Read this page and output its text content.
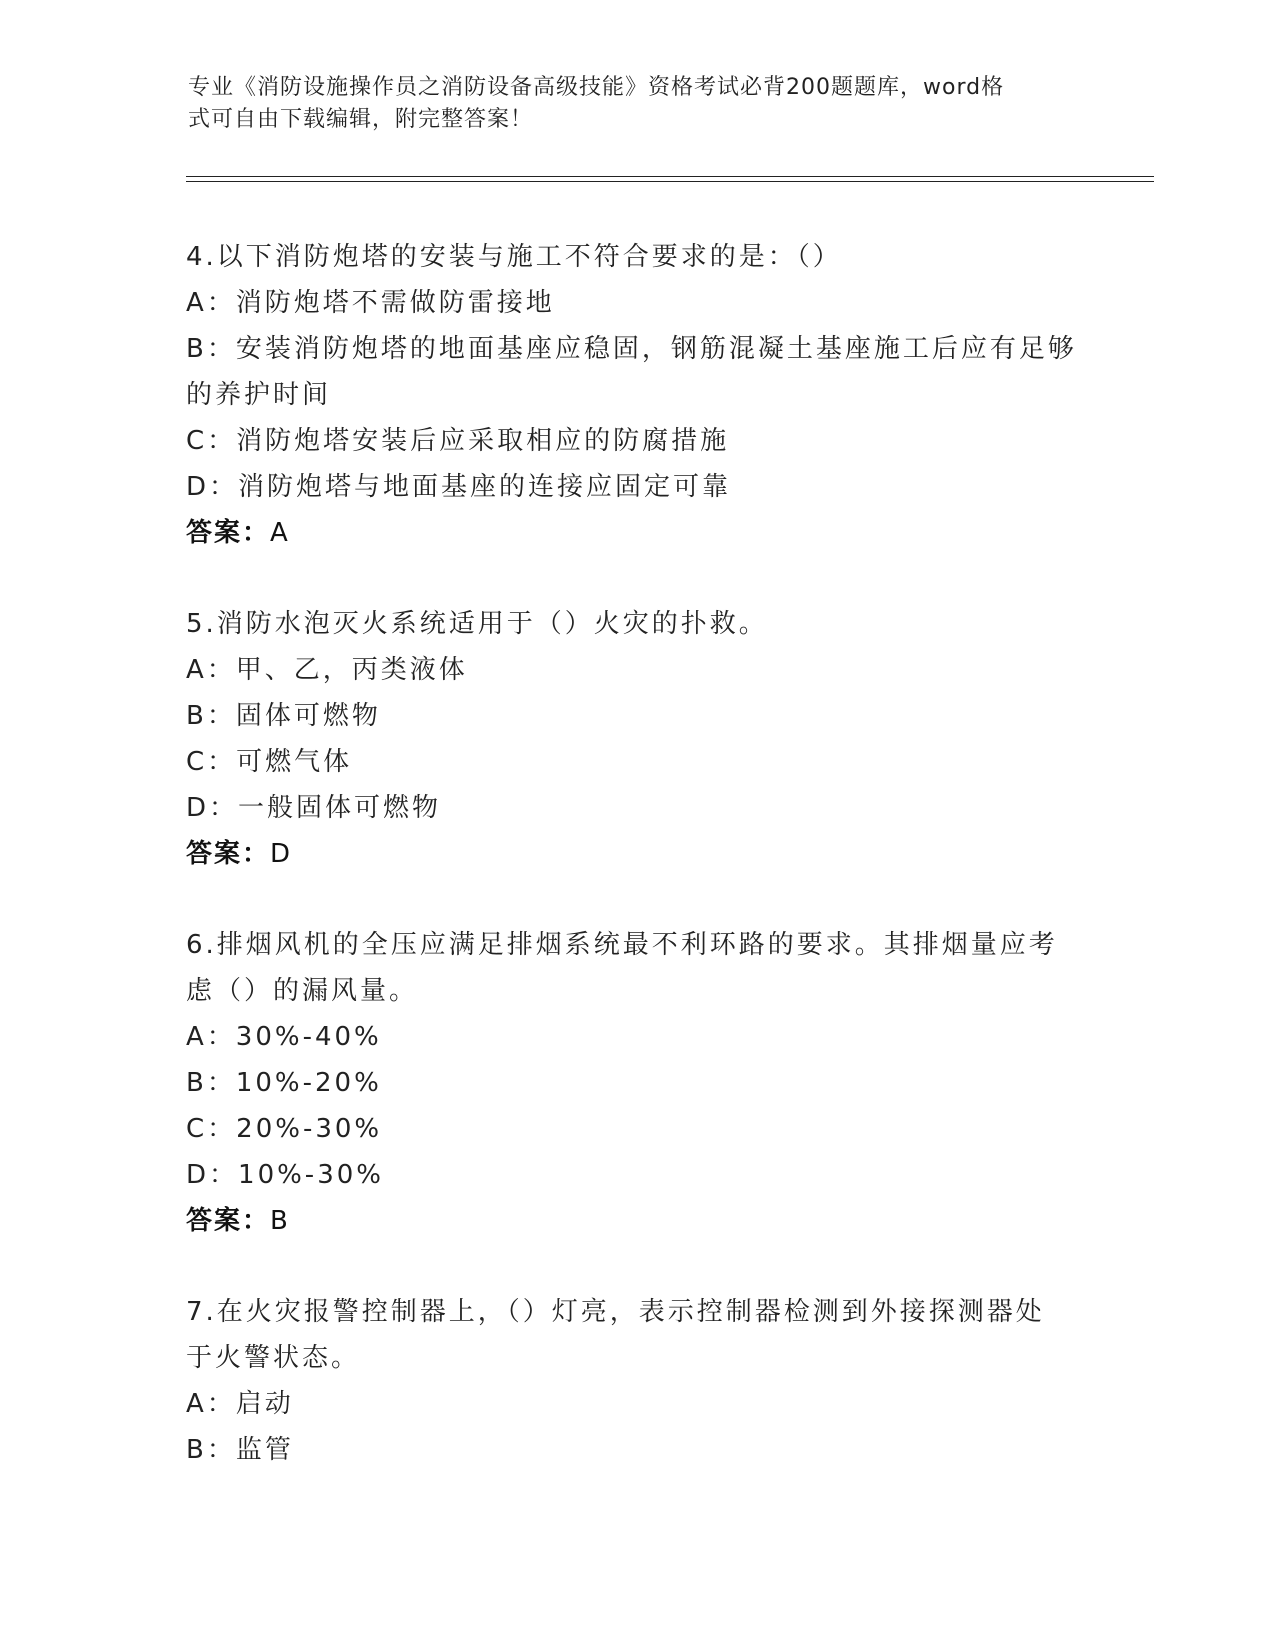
专业《消防设施操作员之消防设备高级技能》资格考试必背200题题库，word格
式可自由下载编辑，附完整答案！
4.以下消防炮塔的安装与施工不符合要求的是：（）
A：消防炮塔不需做防雷接地
B：安装消防炮塔的地面基座应稳固，钢筋混凝土基座施工后应有足够
的养护时间
C：消防炮塔安装后应采取相应的防腐措施
D：消防炮塔与地面基座的连接应固定可靠
答案：A
5.消防水泡灭火系统适用于（）火灾的扑救。
A：甲、乙，丙类液体
B：固体可燃物
C：可燃气体
D：一般固体可燃物
答案：D
6.排烟风机的全压应满足排烟系统最不利环路的要求。其排烟量应考
虑（）的漏风量。
A：30%-40%
B：10%-20%
C：20%-30%
D：10%-30%
答案：B
7.在火灾报警控制器上，（）灯亮，表示控制器检测到外接探测器处
于火警状态。
A：启动
B：监管
